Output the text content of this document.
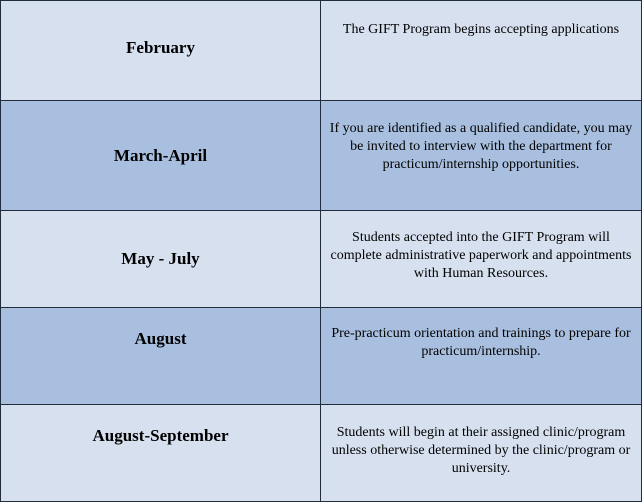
February	The GIFT Program begins accepting applications
March-April	If you are identified as a qualified candidate, you may be invited to interview with the department for practicum/internship opportunities.
May - July	Students accepted into the GIFT Program will complete administrative paperwork and appointments with Human Resources.
August	Pre-practicum orientation and trainings to prepare for practicum/internship.
August-September	Students will begin at their assigned clinic/program unless otherwise determined by the clinic/program or university.
